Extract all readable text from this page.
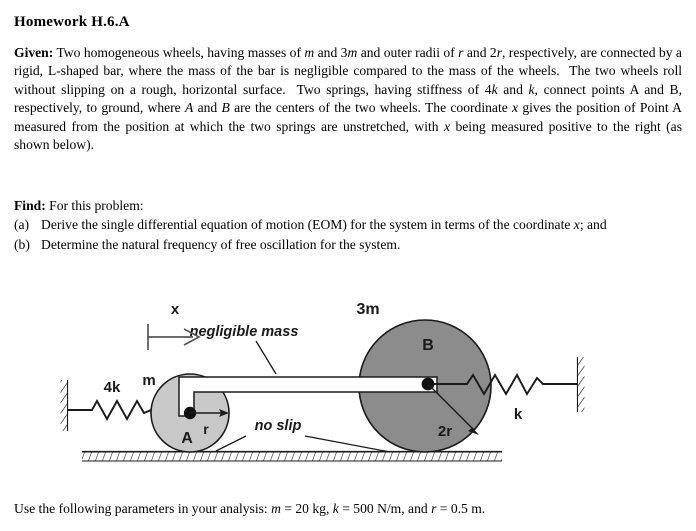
Homework H.6.A
Given: Two homogeneous wheels, having masses of m and 3m and outer radii of r and 2r, respectively, are connected by a rigid, L-shaped bar, where the mass of the bar is negligible compared to the mass of the wheels.  The two wheels roll without slipping on a rough, horizontal surface.  Two springs, having stiffness of 4k and k, connect points A and B, respectively, to ground, where A and B are the centers of the two wheels. The coordinate x gives the position of Point A measured from the position at which the two springs are unstretched, with x being measured positive to the right (as shown below).
Find: For this problem:
(a) Derive the single differential equation of motion (EOM) for the system in terms of the coordinate x; and
(b) Determine the natural frequency of free oscillation for the system.
4k
3m
m
negligible mass
k
A
r
B
2r
no slip
x
Use the following parameters in your analysis: m = 20 kg, k = 500 N/m, and r = 0.5 m.
